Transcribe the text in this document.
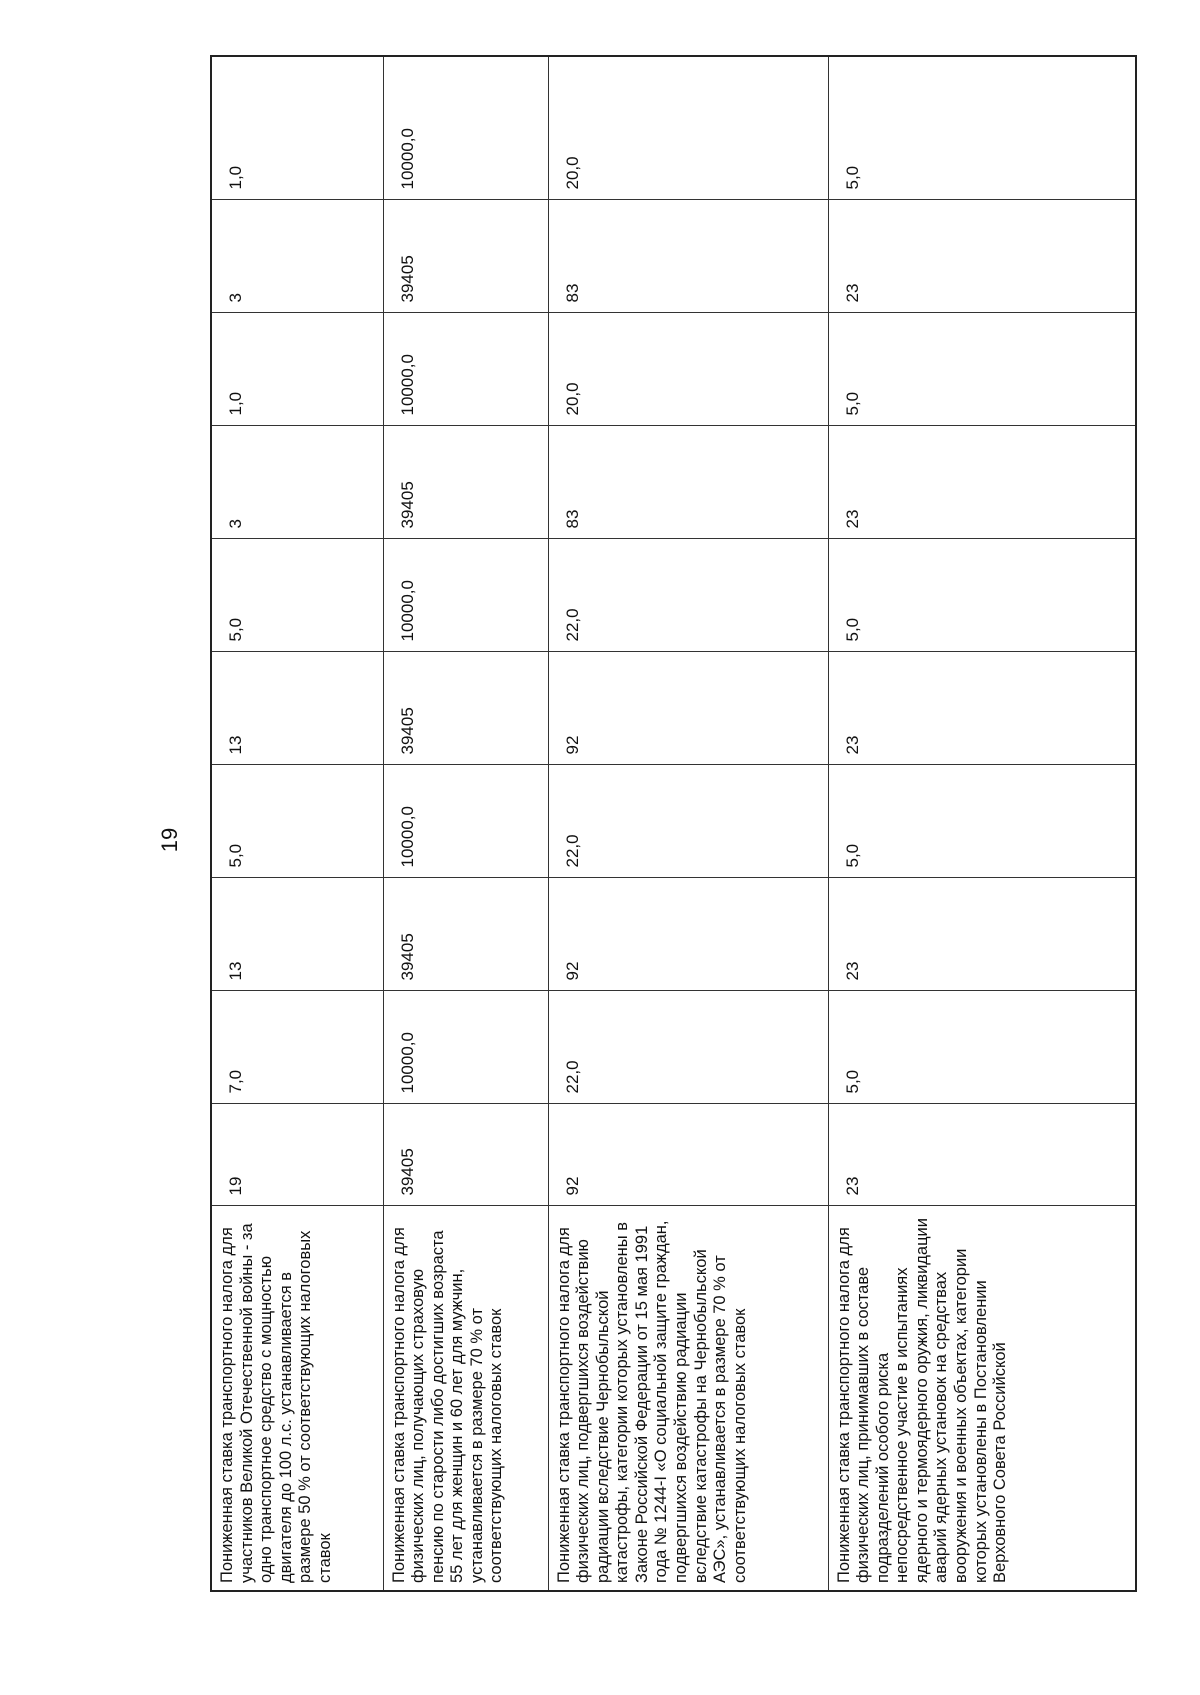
19
Пониженная ставка транспортного налога для участников Великой Отечественной войны - за одно транспортное средство с мощностью двигателя до 100 л.с. устанавливается в размере 50 % от соответствующих налоговых ставок	19	7,0	13	5,0	13	5,0	3	1,0	3	1,0
Пониженная ставка транспортного налога для физических лиц, получающих страховую пенсию по старости либо достигших возраста 55 лет для женщин и 60 лет для мужчин, устанавливается в размере 70 % от соответствующих налоговых ставок	39405	10000,0	39405	10000,0	39405	10000,0	39405	10000,0	39405	10000,0
Пониженная ставка транспортного налога для физических лиц, подвергшихся воздействию радиации вследствие Чернобыльской катастрофы, категории которых установлены в Законе Российской Федерации от 15 мая 1991 года № 1244-I «О социальной защите граждан, подвергшихся воздействию радиации вследствие катастрофы на Чернобыльской АЭС», устанавливается в размере 70 % от соответствующих налоговых ставок	92	22,0	92	22,0	92	22,0	83	20,0	83	20,0
Пониженная ставка транспортного налога для физических лиц, принимавших в составе подразделений особого риска непосредственное участие в испытаниях ядерного и термоядерного оружия, ликвидации аварий ядерных установок на средствах вооружения и военных объектах, категории которых установлены в Постановлении Верховного Совета Российской	23	5,0	23	5,0	23	5,0	23	5,0	23	5,0
